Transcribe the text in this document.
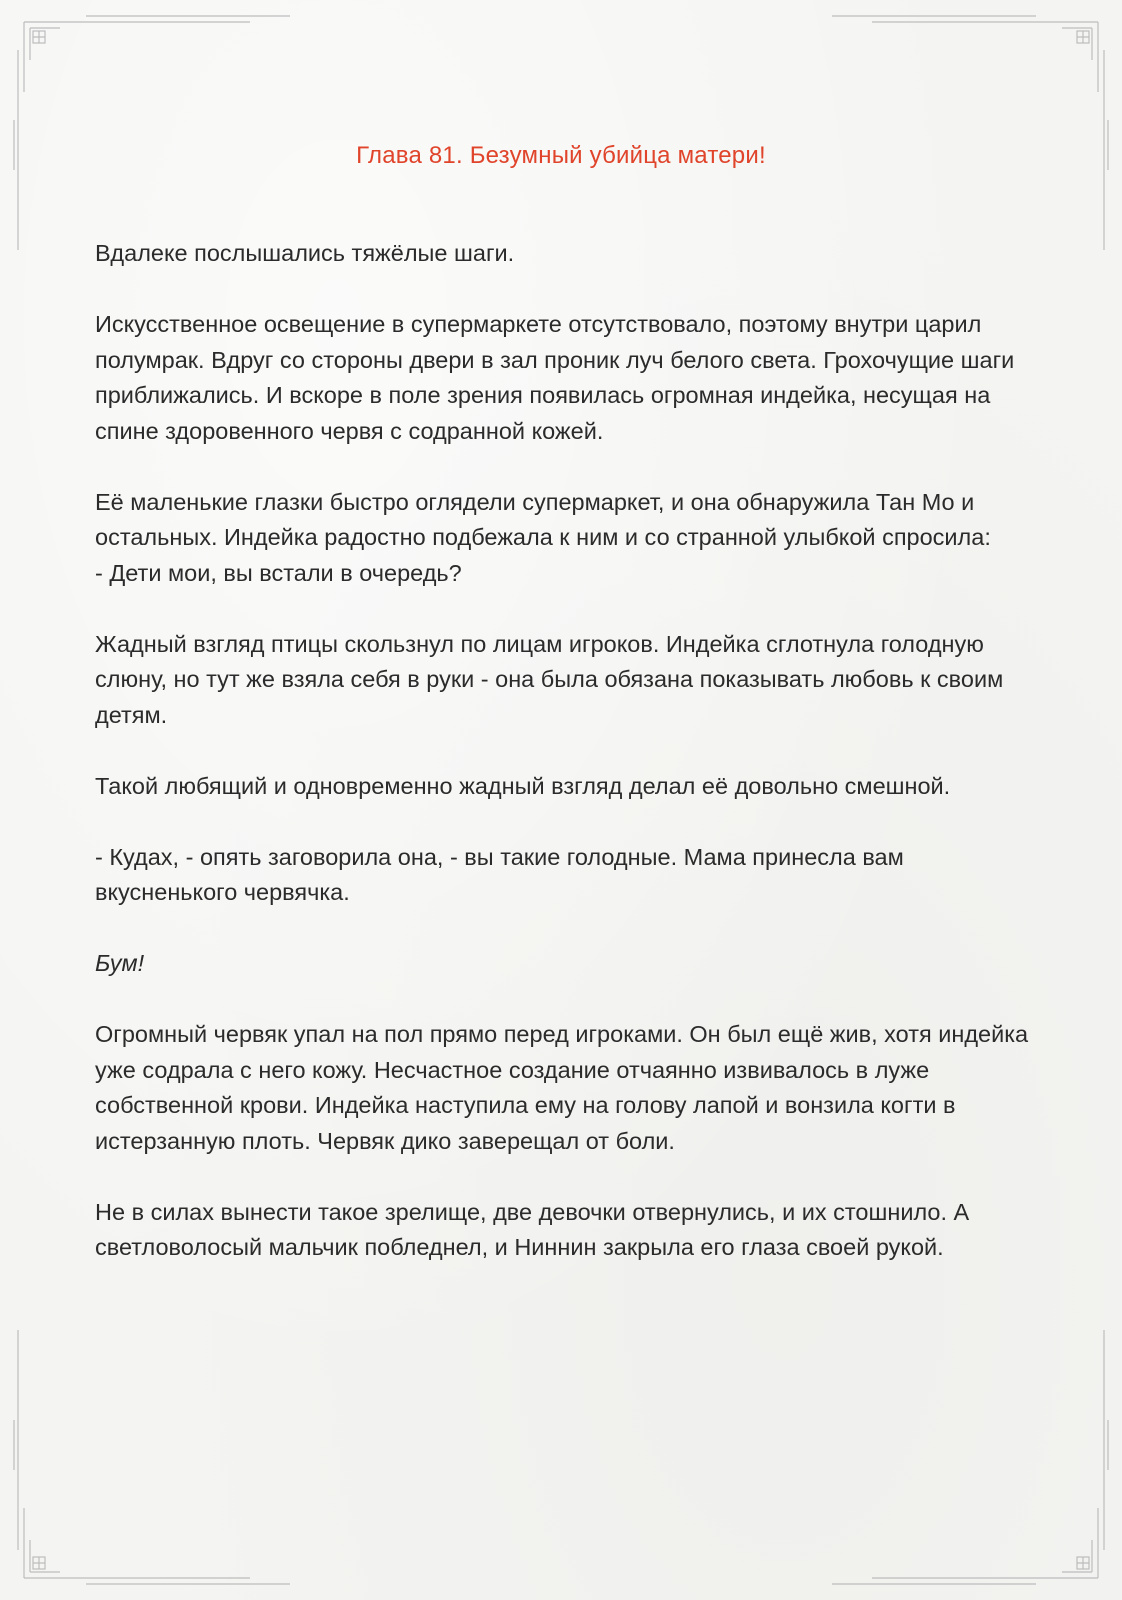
Глава 81. Безумный убийца матери!

Вдалеке послышались тяжёлые шаги.

Искусственное освещение в супермаркете отсутствовало, поэтому внутри царил полумрак. Вдруг со стороны двери в зал проник луч белого света. Грохочущие шаги приближались. И вскоре в поле зрения появилась огромная индейка, несущая на спине здоровенного червя с содранной кожей.

Её маленькие глазки быстро оглядели супермаркет, и она обнаружила Тан Мо и остальных. Индейка радостно подбежала к ним и со странной улыбкой спросила:
- Дети мои, вы встали в очередь?

Жадный взгляд птицы скользнул по лицам игроков. Индейка сглотнула голодную слюну, но тут же взяла себя в руки - она была обязана показывать любовь к своим детям.

Такой любящий и одновременно жадный взгляд делал её довольно смешной.

- Кудах, - опять заговорила она, - вы такие голодные. Мама принесла вам вкусненького червячка.

Бум!

Огромный червяк упал на пол прямо перед игроками. Он был ещё жив, хотя индейка уже содрала с него кожу. Несчастное создание отчаянно извивалось в луже собственной крови. Индейка наступила ему на голову лапой и вонзила когти в истерзанную плоть. Червяк дико заверещал от боли.

Не в силах вынести такое зрелище, две девочки отвернулись, и их стошнило. А светловолосый мальчик побледнел, и Ниннин закрыла его глаза своей рукой.
